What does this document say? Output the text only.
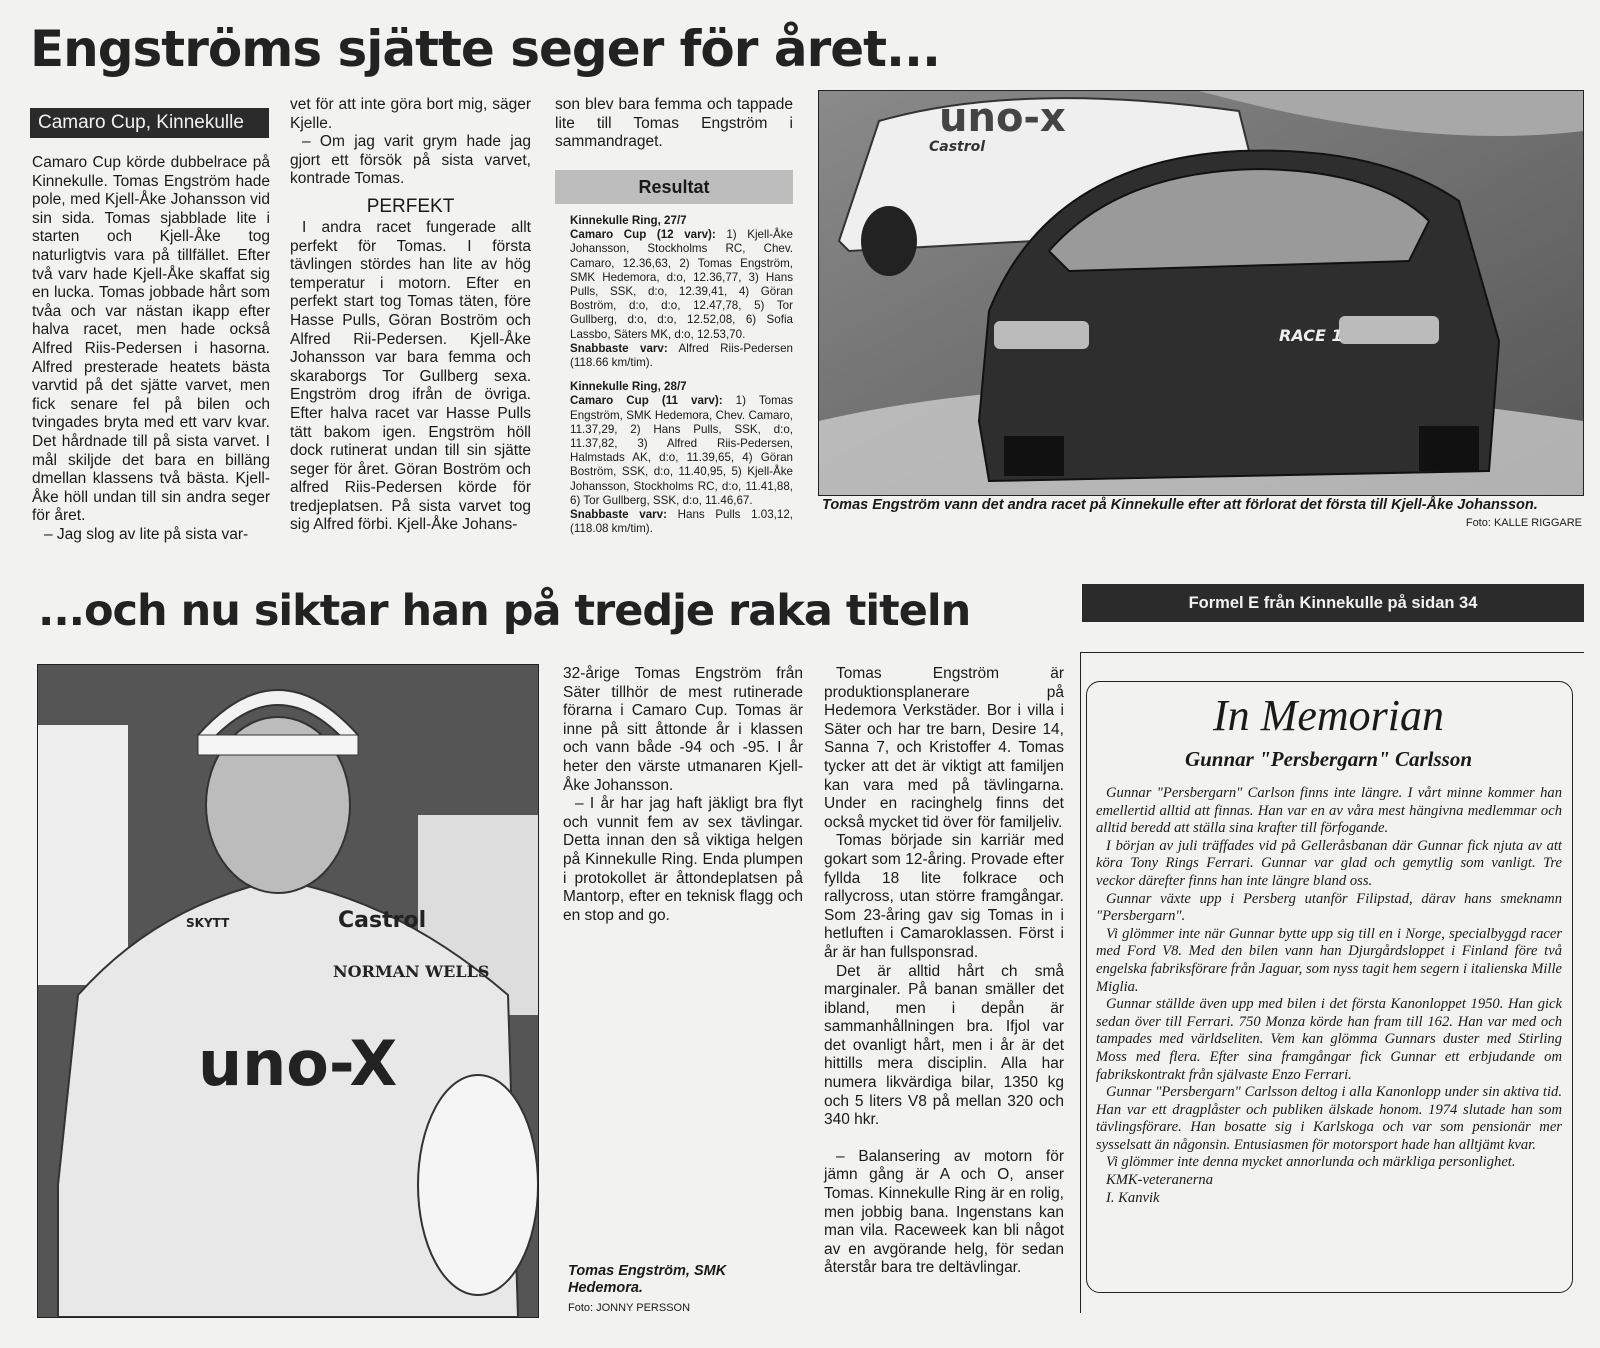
Engströms sjätte seger för året...
Camaro Cup, Kinnekulle

Camaro Cup körde dubbelrace på Kinnekulle. Tomas Engström hade pole, med Kjell-Åke Johansson vid sin sida. Tomas sjabblade lite i starten och Kjell-Åke tog naturligtvis vara på tillfället. Efter två varv hade Kjell-Åke skaffat sig en lucka. Tomas jobbade hårt som tvåa och var nästan ikapp efter halva racet, men hade också Alfred Riis-Pedersen i hasorna. Alfred presterade heatets bästa varvtid på det sjätte varvet, men fick senare fel på bilen och tvingades bryta med ett varv kvar. Det hårdnade till på sista varvet. I mål skiljde det bara en billäng dmellan klassens två bästa. Kjell-Åke höll undan till sin andra seger för året.

– Jag slog av lite på sista var-

vet för att inte göra bort mig, säger Kjelle.

– Om jag varit grym hade jag gjort ett försök på sista varvet, kontrade Tomas.

PERFEKT

I andra racet fungerade allt perfekt för Tomas. I första tävlingen stördes han lite av hög temperatur i motorn. Efter en perfekt start tog Tomas täten, före Hasse Pulls, Göran Boström och Alfred Rii-Pedersen. Kjell-Åke Johansson var bara femma och skaraborgs Tor Gullberg sexa. Engström drog ifrån de övriga. Efter halva racet var Hasse Pulls tätt bakom igen. Engström höll dock rutinerat undan till sin sjätte seger för året. Göran Boström och alfred Riis-Pedersen körde för tredjeplatsen. På sista varvet tog sig Alfred förbi. Kjell-Åke Johans-

son blev bara femma och tappade lite till Tomas Engström i sammandraget.

Resultat

Kinnekulle Ring, 27/7
Camaro Cup (12 varv): 1) Kjell-Åke Johansson, Stockholms RC, Chev. Camaro, 12.36,63, 2) Tomas Engström, SMK Hedemora, d:o, 12.36,77, 3) Hans Pulls, SSK, d:o, 12.39,41, 4) Göran Boström, d:o, d:o, 12.47,78, 5) Tor Gullberg, d:o, d:o, 12.52,08, 6) Sofia Lassbo, Säters MK, d:o, 12.53,70.
Snabbaste varv: Alfred Riis-Pedersen (118.66 km/tim).

Kinnekulle Ring, 28/7
Camaro Cup (11 varv): 1) Tomas Engström, SMK Hedemora, Chev. Camaro, 11.37,29, 2) Hans Pulls, SSK, d:o, 11.37,82, 3) Alfred Riis-Pedersen, Halmstads AK, d:o, 11.39,65, 4) Göran Boström, SSK, d:o, 11.40,95, 5) Kjell-Åke Johansson, Stockholms RC, d:o, 11.41,88, 6) Tor Gullberg, SSK, d:o, 11.46,67.
Snabbaste varv: Hans Pulls 1.03,12, (118.08 km/tim).

uno-x
Castrol
RACE 1
Tomas Engström vann det andra racet på Kinnekulle efter att förlorat det första till Kjell-Åke Johansson.
Foto: KALLE RIGGARE
...och nu siktar han på tredje raka titeln	Formel E från Kinnekulle på sidan 34
Castrol
NORMAN WELLS
uno-X
SKYTT
Tomas Engström, SMK Hedemora.
Foto: JONNY PERSSON

32-årige Tomas Engström från Säter tillhör de mest rutinerade förarna i Camaro Cup. Tomas är inne på sitt åttonde år i klassen och vann både -94 och -95. I år heter den värste utmanaren Kjell-Åke Johansson.

– I år har jag haft jäkligt bra flyt och vunnit fem av sex tävlingar. Detta innan den så viktiga helgen på Kinnekulle Ring. Enda plumpen i protokollet är åttondeplatsen på Mantorp, efter en teknisk flagg och en stop and go.

Tomas Engström är produktionsplanerare på Hedemora Verkstäder. Bor i villa i Säter och har tre barn, Desire 14, Sanna 7, och Kristoffer 4. Tomas tycker att det är viktigt att familjen kan vara med på tävlingarna. Under en racinghelg finns det också mycket tid över för familjeliv.

Tomas började sin karriär med gokart som 12-åring. Provade efter fyllda 18 lite folkrace och rallycross, utan större framgångar. Som 23-åring gav sig Tomas in i hetluften i Camaroklassen. Först i år är han fullsponsrad.

Det är alltid hårt ch små marginaler. På banan smäller det ibland, men i depån är sammanhållningen bra. Ifjol var det ovanligt hårt, men i år är det hittills mera disciplin. Alla har numera likvärdiga bilar, 1350 kg och 5 liters V8 på mellan 320 och 340 hkr.

– Balansering av motorn för jämn gång är A och O, anser Tomas. Kinnekulle Ring är en rolig, men jobbig bana. Ingenstans kan man vila. Raceweek kan bli något av en avgörande helg, för sedan återstår bara tre deltävlingar.

In Memorian
Gunnar "Persbergarn" Carlsson

Gunnar "Persbergarn" Carlson finns inte längre. I vårt minne kommer han emellertid alltid att finnas. Han var en av våra mest hängivna medlemmar och alltid beredd att ställa sina krafter till förfogande.

I början av juli träffades vid på Gelleråsbanan där Gunnar fick njuta av att köra Tony Rings Ferrari. Gunnar var glad och gemytlig som vanligt. Tre veckor därefter finns han inte längre bland oss.

Gunnar växte upp i Persberg utanför Filipstad, därav hans smeknamn "Persbergarn".

Vi glömmer inte när Gunnar bytte upp sig till en i Norge, specialbyggd racer med Ford V8. Med den bilen vann han Djurgårdsloppet i Finland före två engelska fabriksförare från Jaguar, som nyss tagit hem segern i italienska Mille Miglia.

Gunnar ställde även upp med bilen i det första Kanonloppet 1950. Han gick sedan över till Ferrari. 750 Monza körde han fram till 162. Han var med och tampades med världseliten. Vem kan glömma Gunnars duster med Stirling Moss med flera. Efter sina framgångar fick Gunnar ett erbjudande om fabrikskontrakt från självaste Enzo Ferrari.

Gunnar "Persbergarn" Carlsson deltog i alla Kanonlopp under sin aktiva tid. Han var ett dragplåster och publiken älskade honom. 1974 slutade han som tävlingsförare. Han bosatte sig i Karlskoga och var som pensionär mer sysselsatt än någonsin. Entusiasmen för motorsport hade han alltjämt kvar.

Vi glömmer inte denna mycket annorlunda och märkliga personlighet.

KMK-veteranerna

I. Kanvik
